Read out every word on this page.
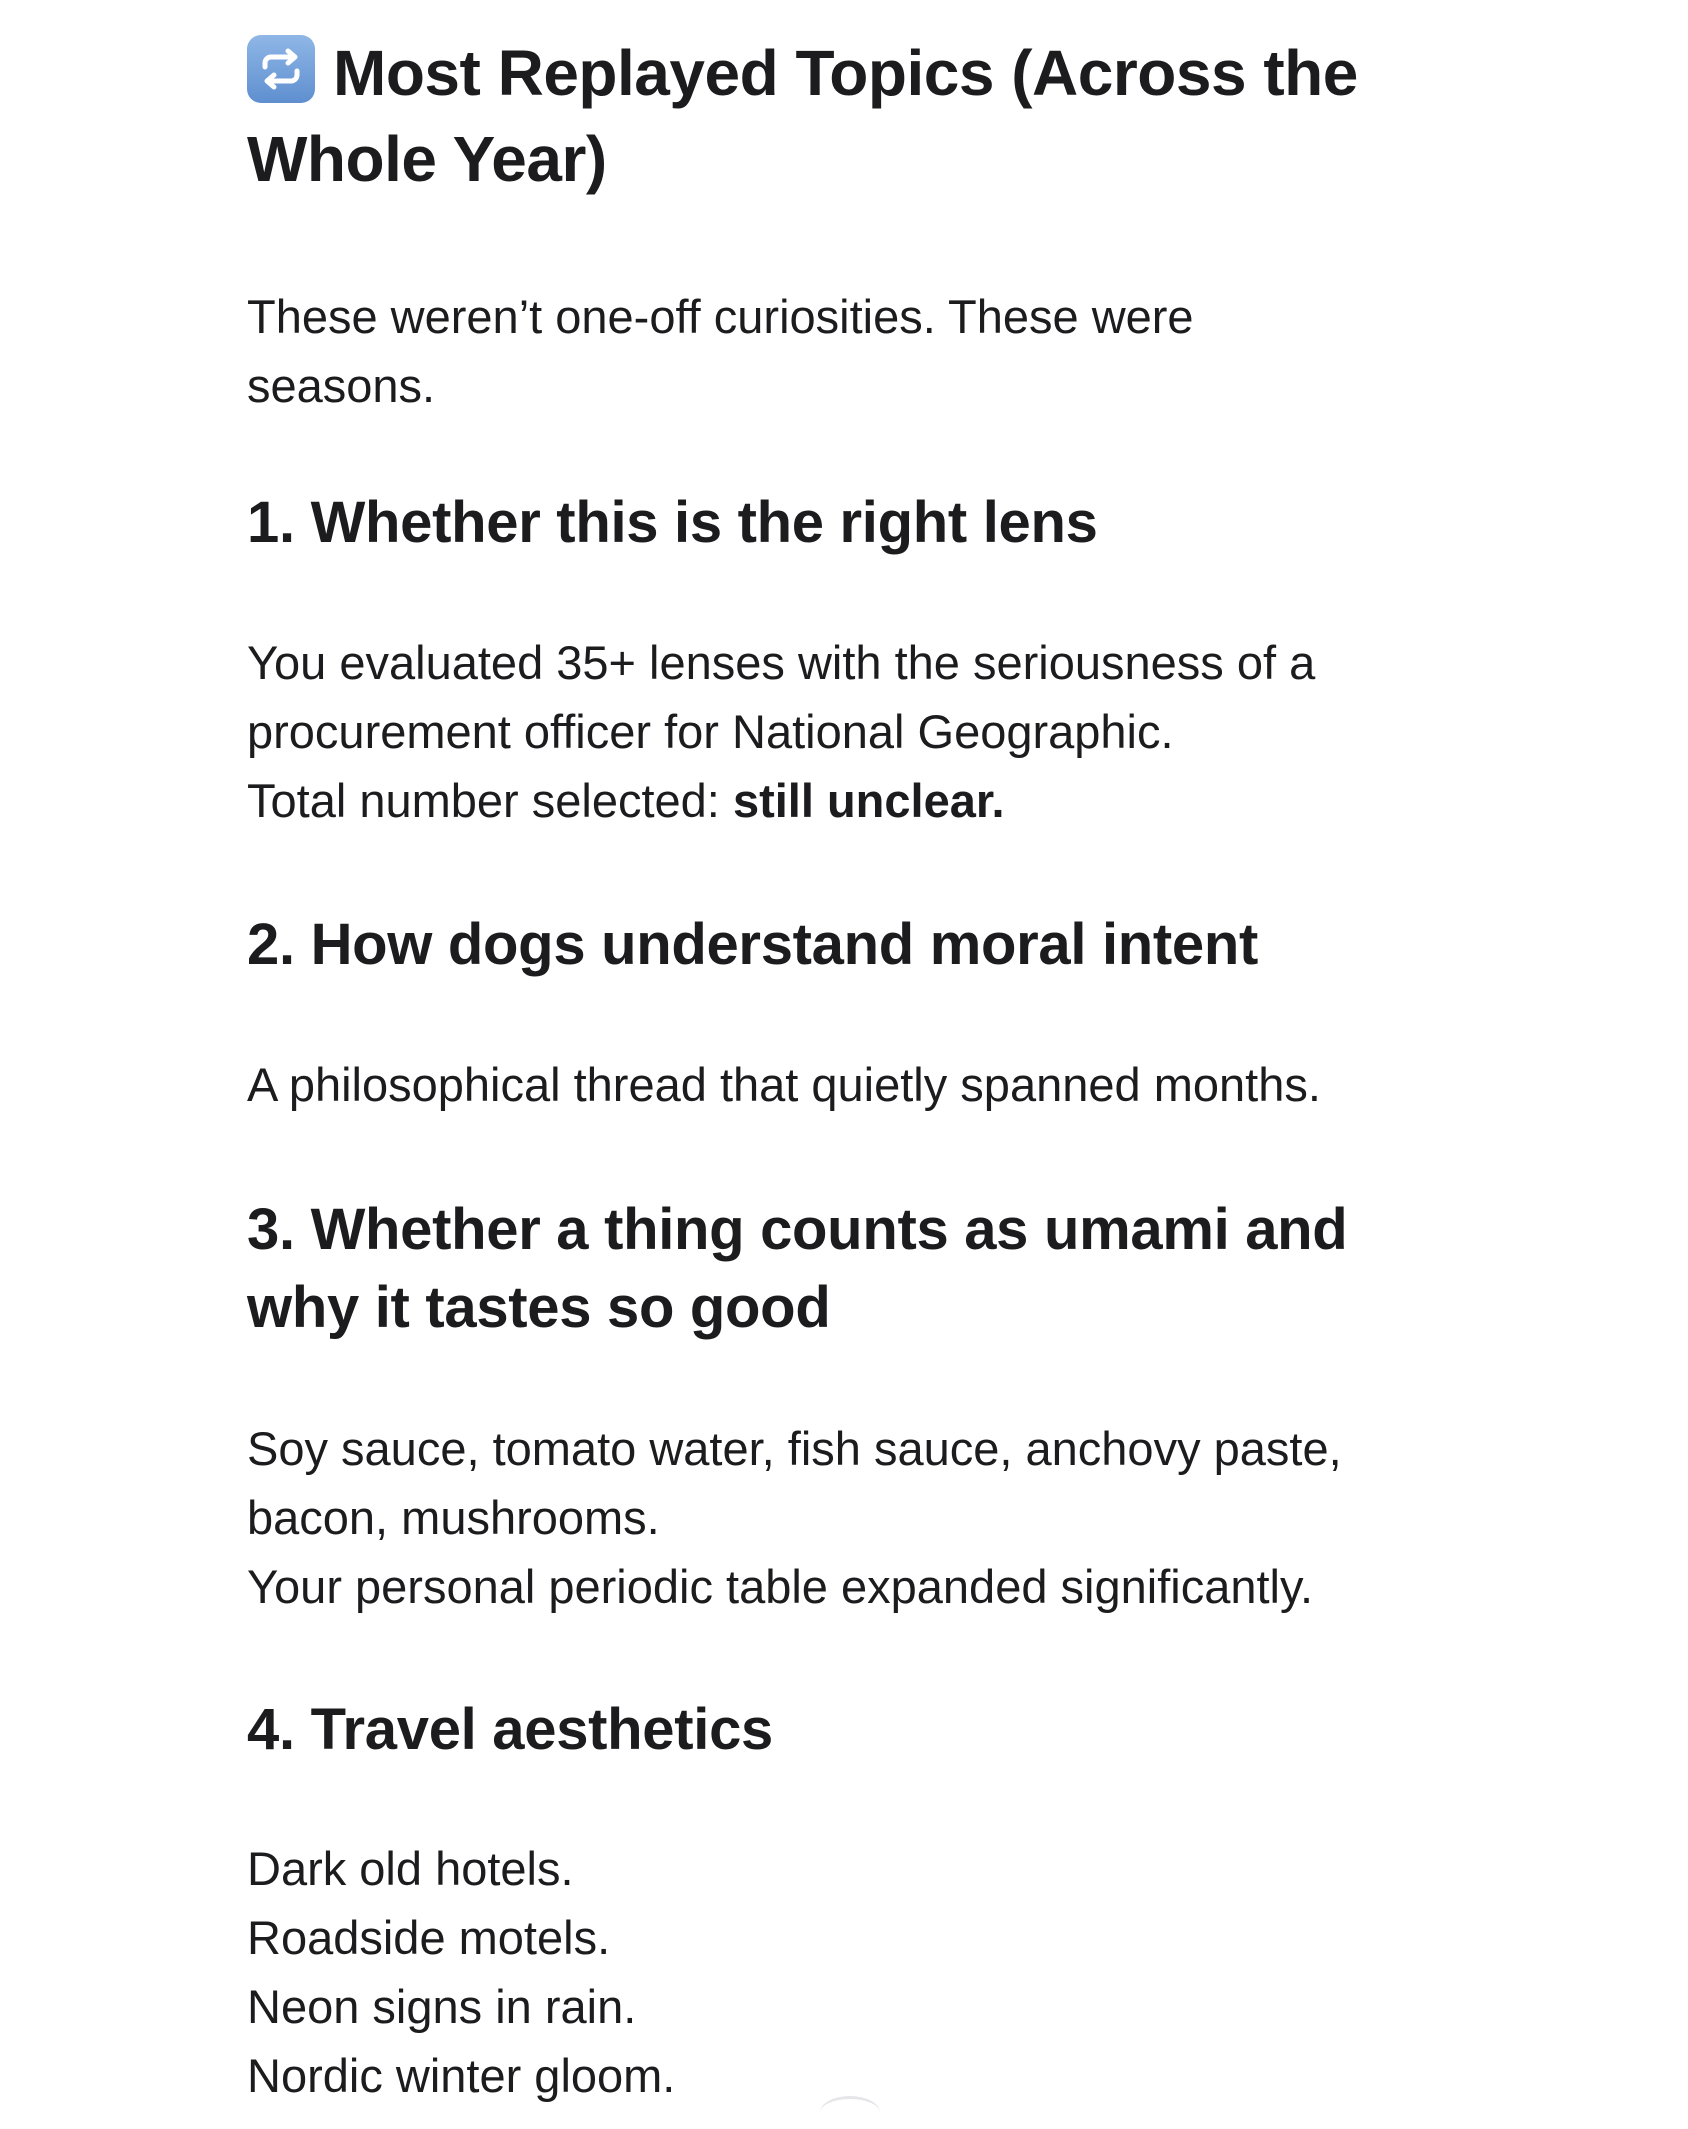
Most Replayed Topics (Across the
Whole Year)

These weren’t one-off curiosities. These were
seasons.

1. Whether this is the right lens

You evaluated 35+ lenses with the seriousness of a
procurement officer for National Geographic.
Total number selected: still unclear.

2. How dogs understand moral intent

A philosophical thread that quietly spanned months.

3. Whether a thing counts as umami and
why it tastes so good

Soy sauce, tomato water, fish sauce, anchovy paste,
bacon, mushrooms.
Your personal periodic table expanded significantly.

4. Travel aesthetics

Dark old hotels.
Roadside motels.
Neon signs in rain.
Nordic winter gloom.
